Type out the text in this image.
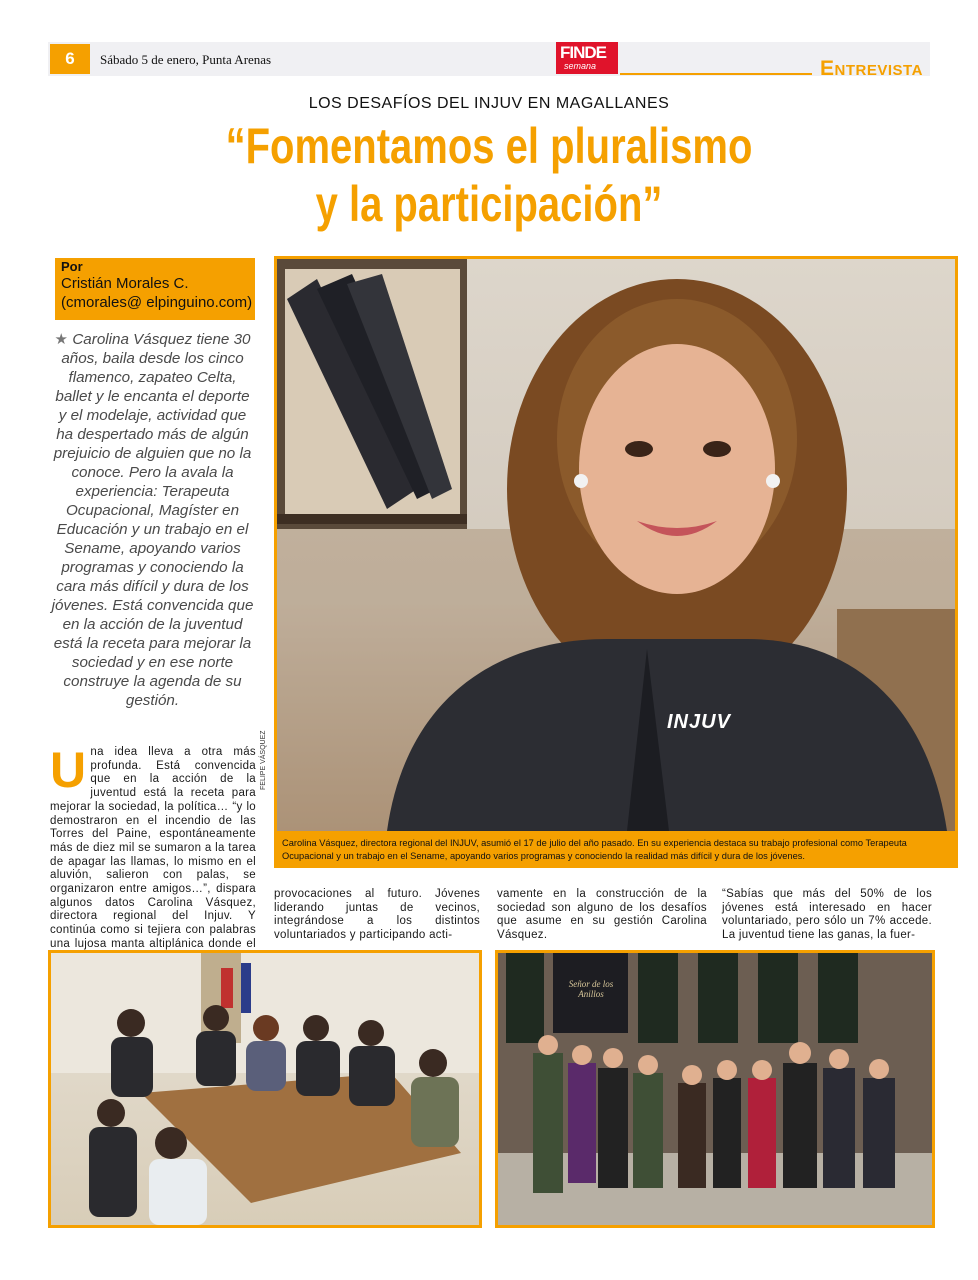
6	Sábado 5 de enero, Punta Arenas	FINDE
semana	Entrevista
LOS DESAFÍOS DEL INJUV EN MAGALLANES
“Fomentamos el pluralismo
y la participación”
Por
Cristián Morales C. (cmorales@ elpinguino.com)
★ Carolina Vásquez tiene 30 años, baila desde los cinco flamenco, zapateo Celta, ballet y le encanta el deporte y el modelaje, actividad que ha despertado más de algún prejuicio de alguien que no la conoce. Pero la avala la experiencia: Terapeuta Ocupacional, Magíster en Educación y un trabajo en el Sename, apoyando varios programas y conociendo la cara más difícil y dura de los jóvenes. Está convencida que en la acción de la juventud está la receta para mejorar la sociedad y en ese norte construye la agenda de su gestión.
Una idea lleva a otra más profunda. Está convencida que en la acción de la juventud está la receta para mejorar la sociedad, la política… “y lo demostraron en el incendio de las Torres del Paine, espontáneamente más de diez mil se sumaron a la tarea de apagar las llamas, lo mismo en el aluvión, salieron con palas, se organizaron entre amigos…”, dispara algunos datos Carolina Vásquez, directora regional del Injuv. Y continúa como si tejiera con palabras una lujosa manta altiplánica donde el
INJUV
Carolina Vásquez, directora regional del INJUV, asumió el 17 de julio del año pasado. En su experiencia destaca su trabajo profesional como Terapeuta Ocupacional y un trabajo en el Sename, apoyando varios programas y conociendo la realidad más difícil y dura de los jóvenes.
FELIPE VÁSQUEZ
provocaciones al futuro. Jóvenes liderando juntas de vecinos, integrándose a los distintos voluntariados y participando acti-
vamente en la construcción de la sociedad son alguno de los desafíos que asume en su gestión Carolina Vásquez.
“Sabías que más del 50% de los jóvenes está interesado en hacer voluntariado, pero sólo un 7% accede. La juventud tiene las ganas, la fuer-
Señor de los Anillos
